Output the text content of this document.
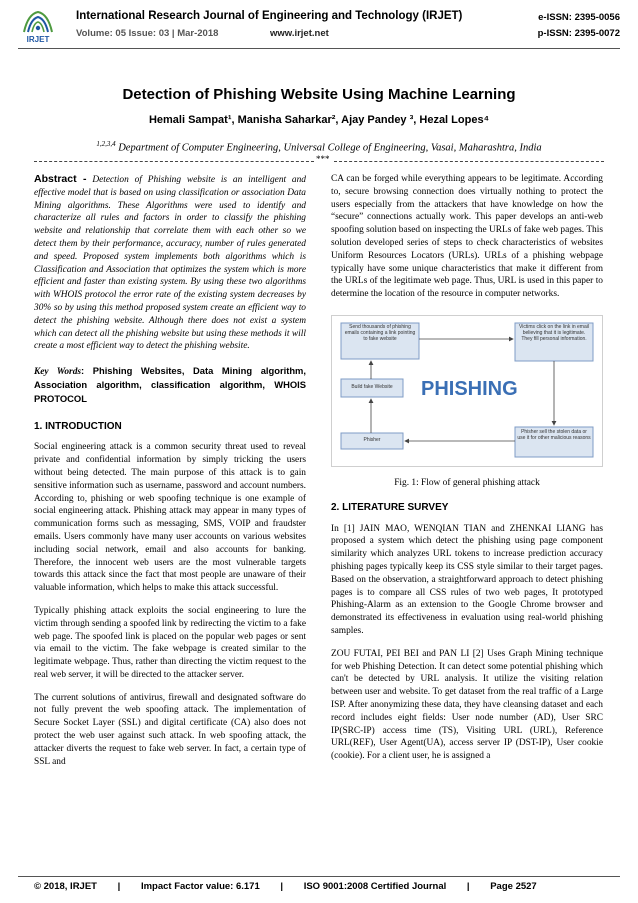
IRJET
International Research Journal of Engineering and Technology (IRJET)
Volume: 05 Issue: 03 | Mar-2018	www.irjet.net
e-ISSN: 2395-0056
p-ISSN: 2395-0072
Detection of Phishing Website Using Machine Learning
Hemali Sampat¹, Manisha Saharkar², Ajay Pandey ³, Hezal Lopes⁴
$^{1,2,3,4}$ Department of Computer Engineering, Universal College of Engineering, Vasai, Maharashtra, India
***

Abstract - Detection of Phishing website is an intelligent and effective model that is based on using classification or association Data Mining algorithms. These Algorithms were used to identify and characterize all rules and factors in order to classify the phishing website and relationship that correlate them with each other so we detect them by their performance, accuracy, number of rules generated and speed. Proposed system implements both algorithms which is Classification and Association that optimizes the system which is more efficient and faster than existing system. By using these two algorithms with WHOIS protocol the error rate of the existing system decreases by 30% so by using this method proposed system create an efficient way to detect the phishing website. Although there does not exist a system which can detect all the phishing website but using these methods it will create a most efficient way to detect the phishing website.

Key Words: Phishing Websites, Data Mining algorithm, Association algorithm, classification algorithm, WHOIS PROTOCOL

1. INTRODUCTION

Social engineering attack is a common security threat used to reveal private and confidential information by simply tricking the users without being detected. The main purpose of this attack is to gain sensitive information such as username, password and account numbers. According to, phishing or web spoofing technique is one example of social engineering attack. Phishing attack may appear in many types of communication forms such as messaging, SMS, VOIP and fraudster emails. Users commonly have many user accounts on various websites including social network, email and also accounts for banking. Therefore, the innocent web users are the most vulnerable targets towards this attack since the fact that most people are unaware of their valuable information, which helps to make this attack successful.

Typically phishing attack exploits the social engineering to lure the victim through sending a spoofed link by redirecting the victim to a fake web page. The spoofed link is placed on the popular web pages or sent via email to the victim. The fake webpage is created similar to the legitimate webpage. Thus, rather than directing the victim request to the real web server, it will be directed to the attacker server.

The current solutions of antivirus, firewall and designated software do not fully prevent the web spoofing attack. The implementation of Secure Socket Layer (SSL) and digital certificate (CA) also does not protect the web user against such attack. In web spoofing attack, the attacker diverts the request to fake web server. In fact, a certain type of SSL and

CA can be forged while everything appears to be legitimate. According to, secure browsing connection does virtually nothing to protect the users especially from the attackers that have knowledge on how the “secure” connections actually work. This paper develops an anti-web spoofing solution based on inspecting the URLs of fake web pages. This solution developed series of steps to check characteristics of websites Uniform Resources Locators (URLs). URLs of a phishing webpage typically have some unique characteristics that make it different from the URLs of the legitimate web page. Thus, URL is used in this paper to determine the location of the resource in computer networks.

Send thousands of phishing emails containing a link pointing to fake website
Victims click on the link in email believing that it is legitimate. They fill personal information.
Build fake Website	PHISHING
Phisher
Phisher sell the stolen data or use it for other malicious reasons
Fig. 1: Flow of general phishing attack
2. LITERATURE SURVEY

In [1] JAIN MAO, WENQIAN TIAN and ZHENKAI LIANG has proposed a system which detect the phishing using page component similarity which analyzes URL tokens to increase prediction accuracy phishing pages typically keep its CSS style similar to their target pages. Based on the observation, a straightforward approach to detect phishing pages is to compare all CSS rules of two web pages, It prototyped Phishing-Alarm as an extension to the Google Chrome browser and demonstrated its effectiveness in evaluation using real-world phishing samples.

ZOU FUTAI, PEI BEI and PAN LI [2] Uses Graph Mining technique for web Phishing Detection. It can detect some potential phishing which can't be detected by URL analysis. It utilize the visiting relation between user and website. To get dataset from the real traffic of a Large ISP. After anonymizing these data, they have cleansing dataset and each record includes eight fields: User node number (AD), User SRC IP(SRC-IP) access time (TS), Visiting URL (URL), Reference URL(REF), User Agent(UA), access server IP (DST-IP), User cookie (cookie). For a client user, he is assigned a

© 2018, IRJET | Impact Factor value: 6.171 | ISO 9001:2008 Certified Journal | Page 2527
